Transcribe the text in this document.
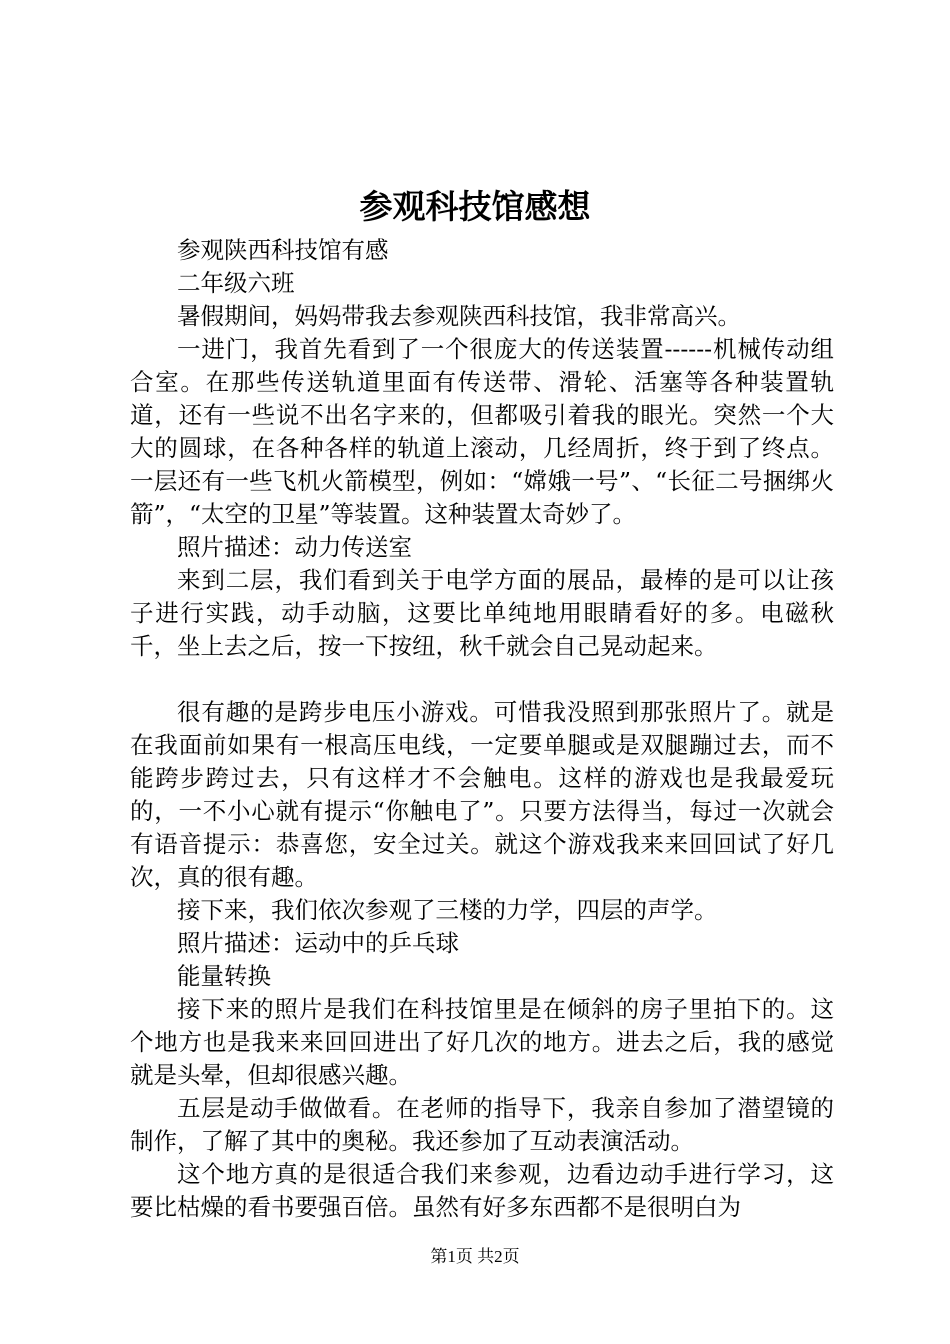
参观科技馆感想

参观陕西科技馆有感

二年级六班

暑假期间，妈妈带我去参观陕西科技馆，我非常高兴。

一进门，我首先看到了一个很庞大的传送装置------机械传动组合室。在那些传送轨道里面有传送带、滑轮、活塞等各种装置轨道，还有一些说不出名字来的，但都吸引着我的眼光。突然一个大大的圆球，在各种各样的轨道上滚动，几经周折，终于到了终点。一层还有一些飞机火箭模型，例如：“嫦娥一号”、“长征二号捆绑火箭”，“太空的卫星”等装置。这种装置太奇妙了。

照片描述：动力传送室

来到二层，我们看到关于电学方面的展品，最棒的是可以让孩子进行实践，动手动脑，这要比单纯地用眼睛看好的多。电磁秋千，坐上去之后，按一下按纽，秋千就会自己晃动起来。

很有趣的是跨步电压小游戏。可惜我没照到那张照片了。就是在我面前如果有一根高压电线，一定要单腿或是双腿蹦过去，而不能跨步跨过去，只有这样才不会触电。这样的游戏也是我最爱玩的，一不小心就有提示“你触电了”。只要方法得当，每过一次就会有语音提示：恭喜您，安全过关。就这个游戏我来来回回试了好几次，真的很有趣。

接下来，我们依次参观了三楼的力学，四层的声学。

照片描述：运动中的乒乓球

能量转换

接下来的照片是我们在科技馆里是在倾斜的房子里拍下的。这个地方也是我来来回回进出了好几次的地方。进去之后，我的感觉就是头晕，但却很感兴趣。

五层是动手做做看。在老师的指导下，我亲自参加了潜望镜的制作，了解了其中的奥秘。我还参加了互动表演活动。

这个地方真的是很适合我们来参观，边看边动手进行学习，这要比枯燥的看书要强百倍。虽然有好多东西都不是很明白为

第1页 共2页
